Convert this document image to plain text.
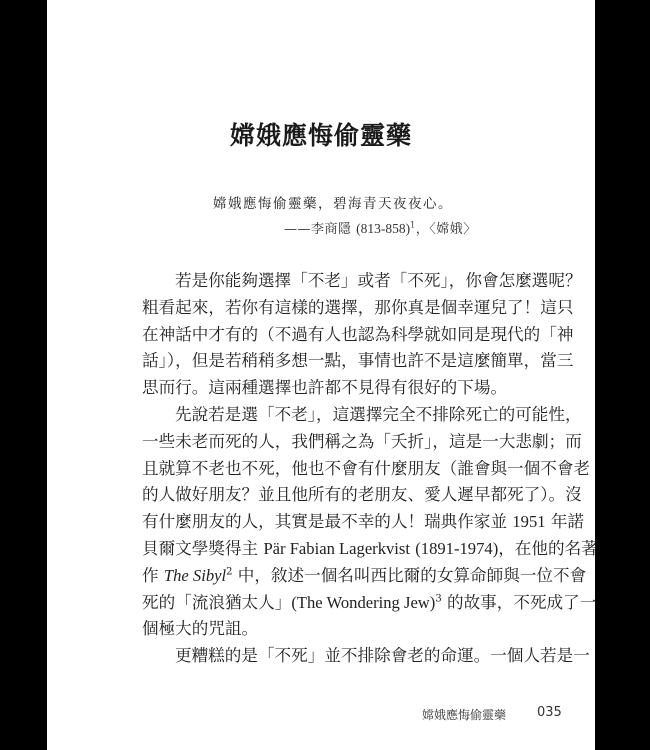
嫦娥應悔偷靈藥
嫦娥應悔偷靈藥，碧海青天夜夜心。
——李商隱 $(813-858)^1$，〈嫦娥〉
若是你能夠選擇「不老」或者「不死」，你會怎麼選呢？
粗看起來，若你有這樣的選擇，那你真是個幸運兒了！這只
在神話中才有的（不過有人也認為科學就如同是現代的「神
話」），但是若稍稍多想一點，事情也許不是這麼簡單，當三
思而行。這兩種選擇也許都不見得有很好的下場。
先說若是選「不老」，這選擇完全不排除死亡的可能性，
一些未老而死的人，我們稱之為「夭折」，這是一大悲劇；而
且就算不老也不死，他也不會有什麼朋友（誰會與一個不會老
的人做好朋友？並且他所有的老朋友、愛人遲早都死了）。沒
有什麼朋友的人，其實是最不幸的人！瑞典作家並 1951 年諾
貝爾文學獎得主 Pär Fabian Lagerkvist (1891-1974)，在他的名著
作 The Sibyl$^2$ 中，敘述一個名叫西比爾的女算命師與一位不會
死的「流浪猶太人」(The Wondering Jew)$^3$ 的故事，不死成了一
個極大的咒詛。
更糟糕的是「不死」並不排除會老的命運。一個人若是一
嫦娥應悔偷靈藥 035
